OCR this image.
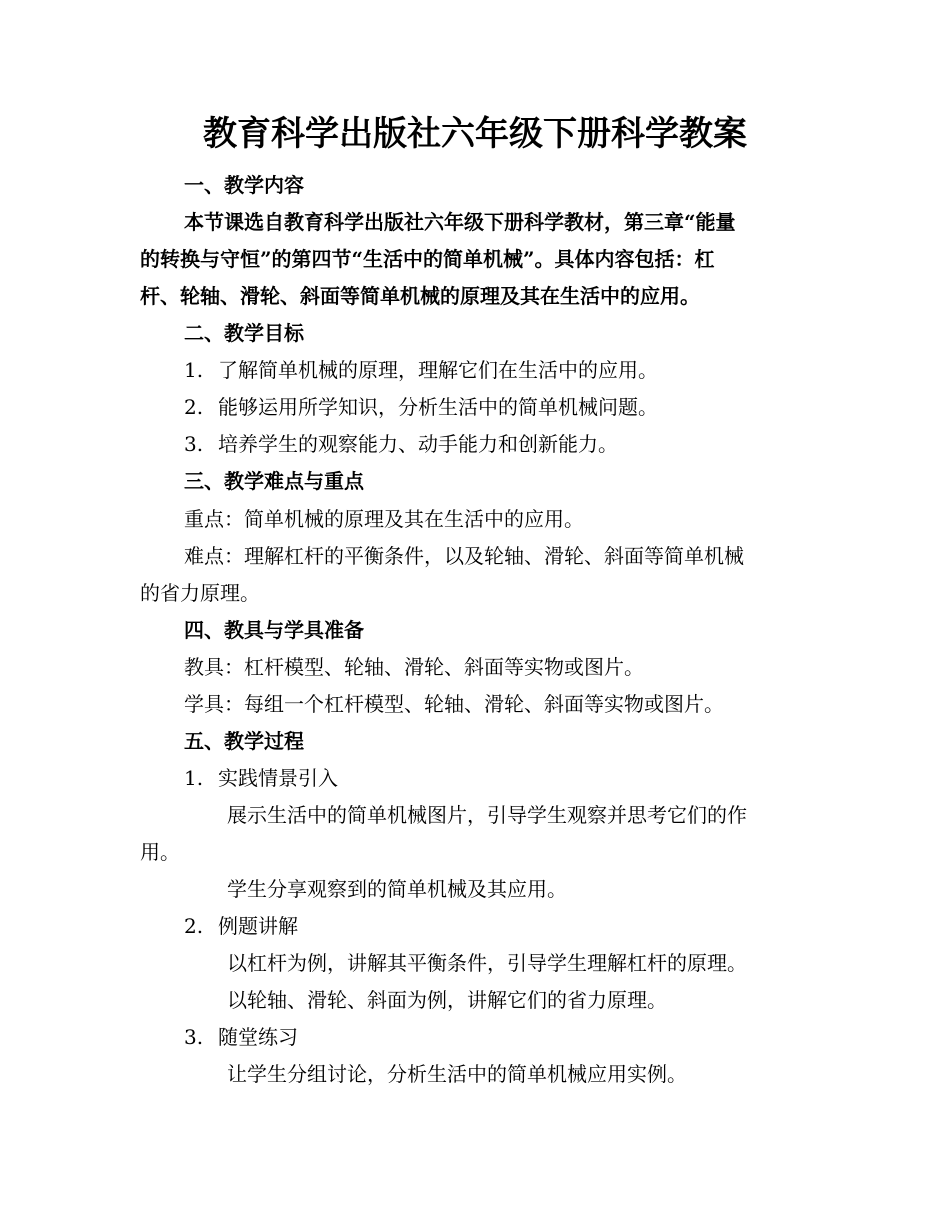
教育科学出版社六年级下册科学教案
一、教学内容
本节课选自教育科学出版社六年级下册科学教材，第三章“能量
的转换与守恒”的第四节“生活中的简单机械”。具体内容包括：杠
杆、轮轴、滑轮、斜面等简单机械的原理及其在生活中的应用。
二、教学目标
1. 了解简单机械的原理，理解它们在生活中的应用。
2. 能够运用所学知识，分析生活中的简单机械问题。
3. 培养学生的观察能力、动手能力和创新能力。
三、教学难点与重点
重点：简单机械的原理及其在生活中的应用。
难点：理解杠杆的平衡条件，以及轮轴、滑轮、斜面等简单机械
的省力原理。
四、教具与学具准备
教具：杠杆模型、轮轴、滑轮、斜面等实物或图片。
学具：每组一个杠杆模型、轮轴、滑轮、斜面等实物或图片。
五、教学过程
1. 实践情景引入
展示生活中的简单机械图片，引导学生观察并思考它们的作
用。
学生分享观察到的简单机械及其应用。
2. 例题讲解
以杠杆为例，讲解其平衡条件，引导学生理解杠杆的原理。
以轮轴、滑轮、斜面为例，讲解它们的省力原理。
3. 随堂练习
让学生分组讨论，分析生活中的简单机械应用实例。
